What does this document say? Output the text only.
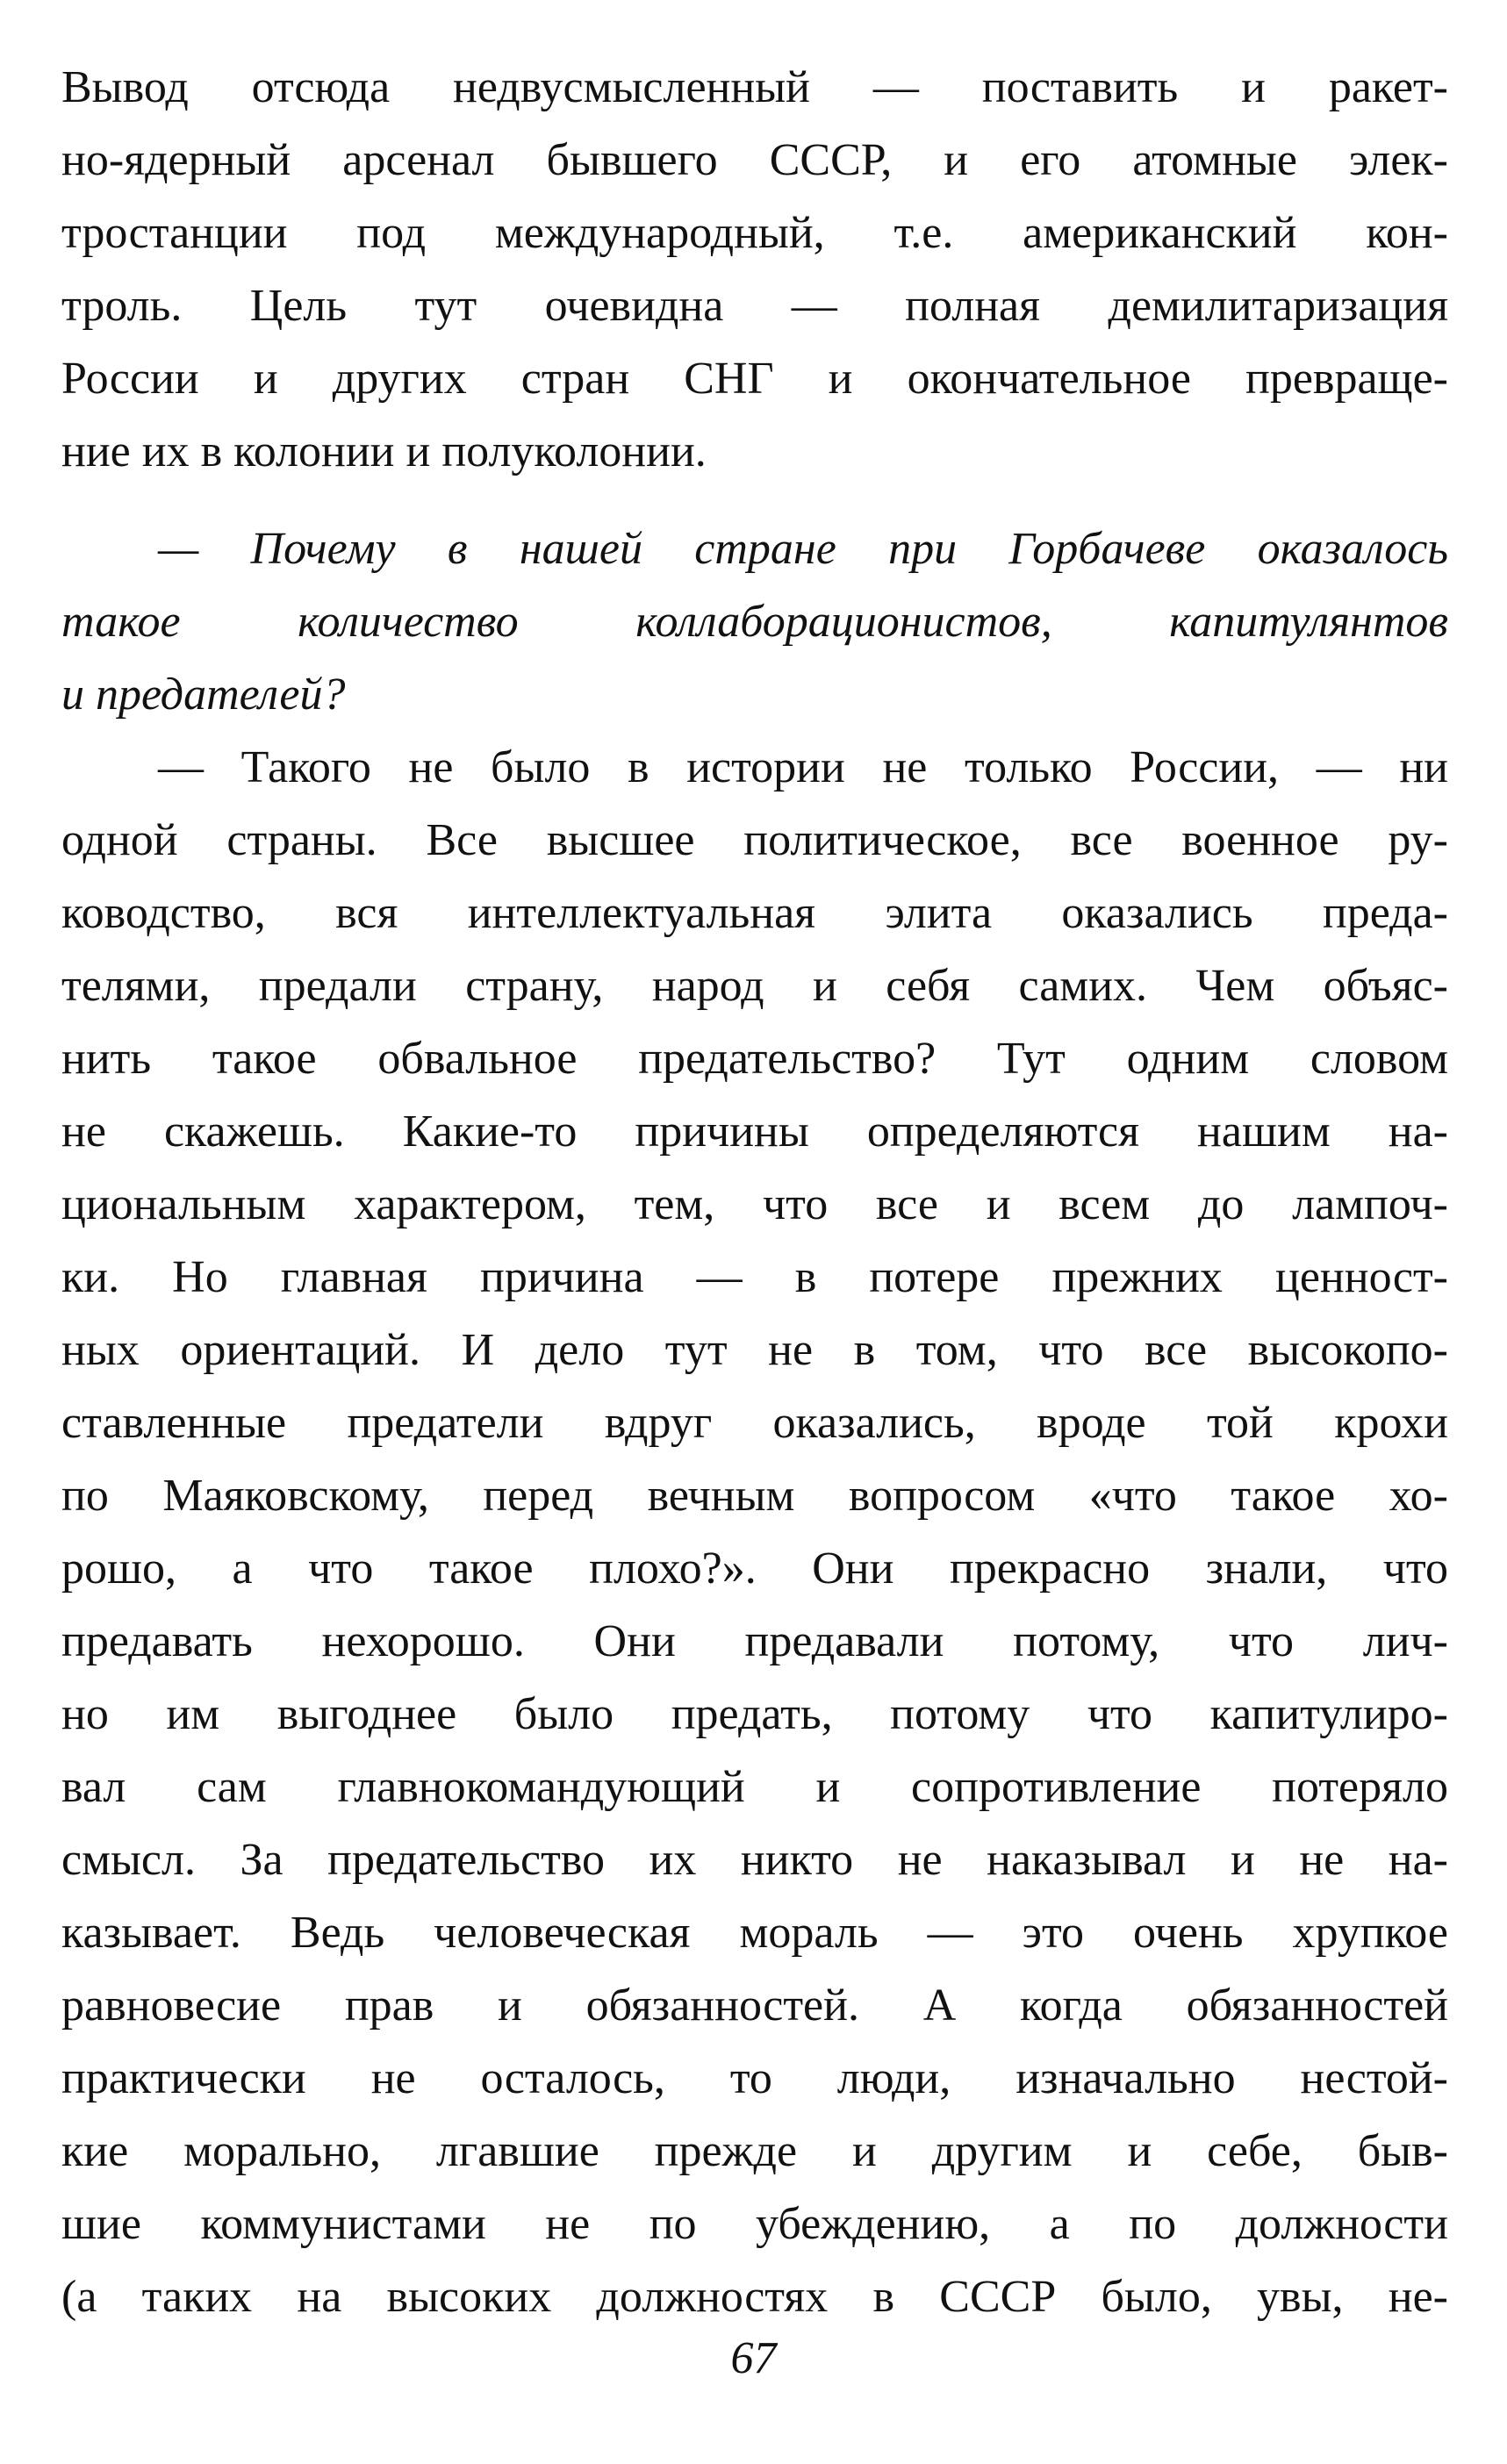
Вывод отсюда недвусмысленный — поставить и ракет-
но-ядерный арсенал бывшего СССР, и его атомные элек-
тростанции под международный, т.е. американский кон-
троль. Цель тут очевидна — полная демилитаризация
России и других стран СНГ и окончательное превраще-
ние их в колонии и полуколонии.
— Почему в нашей стране при Горбачеве оказалось
такое количество коллаборационистов, капитулянтов
и предателей?
— Такого не было в истории не только России, — ни
одной страны. Все высшее политическое, все военное ру-
ководство, вся интеллектуальная элита оказались преда-
телями, предали страну, народ и себя самих. Чем объяс-
нить такое обвальное предательство? Тут одним словом
не скажешь. Какие-то причины определяются нашим на-
циональным характером, тем, что все и всем до лампоч-
ки. Но главная причина — в потере прежних ценност-
ных ориентаций. И дело тут не в том, что все высокопо-
ставленные предатели вдруг оказались, вроде той крохи
по Маяковскому, перед вечным вопросом «что такое хо-
рошо, а что такое плохо?». Они прекрасно знали, что
предавать нехорошо. Они предавали потому, что лич-
но им выгоднее было предать, потому что капитулиро-
вал сам главнокомандующий и сопротивление потеряло
смысл. За предательство их никто не наказывал и не на-
казывает. Ведь человеческая мораль — это очень хрупкое
равновесие прав и обязанностей. А когда обязанностей
практически не осталось, то люди, изначально нестой-
кие морально, лгавшие прежде и другим и себе, быв-
шие коммунистами не по убеждению, а по должности
(а таких на высоких должностях в СССР было, увы, не-
67
